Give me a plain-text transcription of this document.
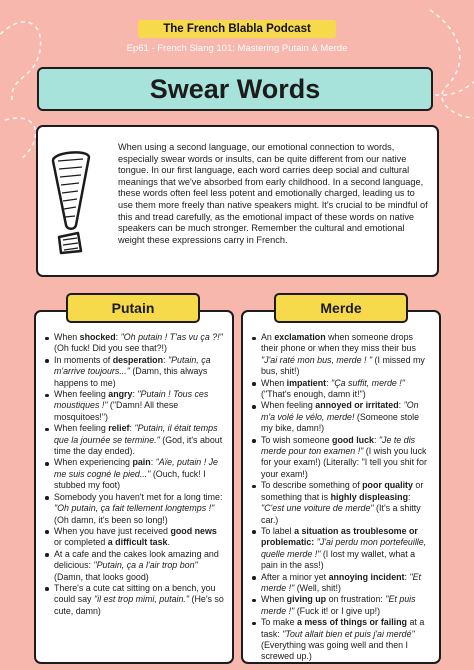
The French Blabla Podcast
Ep61 - French Slang 101: Mastering Putain & Merde
Swear Words

When using a second language, our emotional connection to words, especially swear words or insults, can be quite different from our native tongue. In our first language, each word carries deep social and cultural meanings that we've absorbed from early childhood. In a second language, these words often feel less potent and emotionally charged, leading us to use them more freely than native speakers might. It's crucial to be mindful of this and tread carefully, as the emotional impact of these words on native speakers can be much stronger. Remember the cultural and emotional weight these expressions carry in French.

When shocked: "Oh putain ! T'as vu ça ?!" (Oh fuck! Did you see that?!)
In moments of desperation: "Putain, ça m'arrive toujours..." (Damn, this always happens to me)
When feeling angry: "Putain ! Tous ces moustiques !" ("Damn! All these mosquitoes!")
When feeling relief: "Putain, il était temps que la journée se termine." (God, it's about time the day ended).
When experiencing pain: "Aïe, putain ! Je me suis cogné le pied..." (Ouch, fuck! I stubbed my foot)
Somebody you haven't met for a long time: "Oh putain, ça fait tellement longtemps !" (Oh damn, it's been so long!)
When you have just received good news or completed a difficult task.
At a cafe and the cakes look amazing and delicious: "Putain, ça a l'air trop bon" (Damn, that looks good)
There's a cute cat sitting on a bench, you could say "il est trop mimi, putain." (He's so cute, damn)
An exclamation when someone drops their phone or when they miss their bus "J'ai raté mon bus, merde ! " (I missed my bus, shit!)
When impatient: "Ça suffit, merde !" ("That's enough, damn it!")
When feeling annoyed or irritated: "On m'a volé le vélo, merde! (Someone stole my bike, damn!)
To wish someone good luck: "Je te dis merde pour ton examen !" (I wish you luck for your exam!) (Literally: "I tell you shit for your exam!)
To describe something of poor quality or something that is highly displeasing: "C'est une voiture de merde" (It's a shitty car.)
To label a situation as troublesome or problematic: "J'ai perdu mon portefeuille, quelle merde !" (I lost my wallet, what a pain in the ass!)
After a minor yet annoying incident: "Et merde !" (Well, shit!)
When giving up on frustration: "Et puis merde !" (Fuck it! or I give up!)
To make a mess of things or failing at a task: "Tout allait bien et puis j'ai merdé" (Everything was going well and then I screwed up.)
Putain	Merde
